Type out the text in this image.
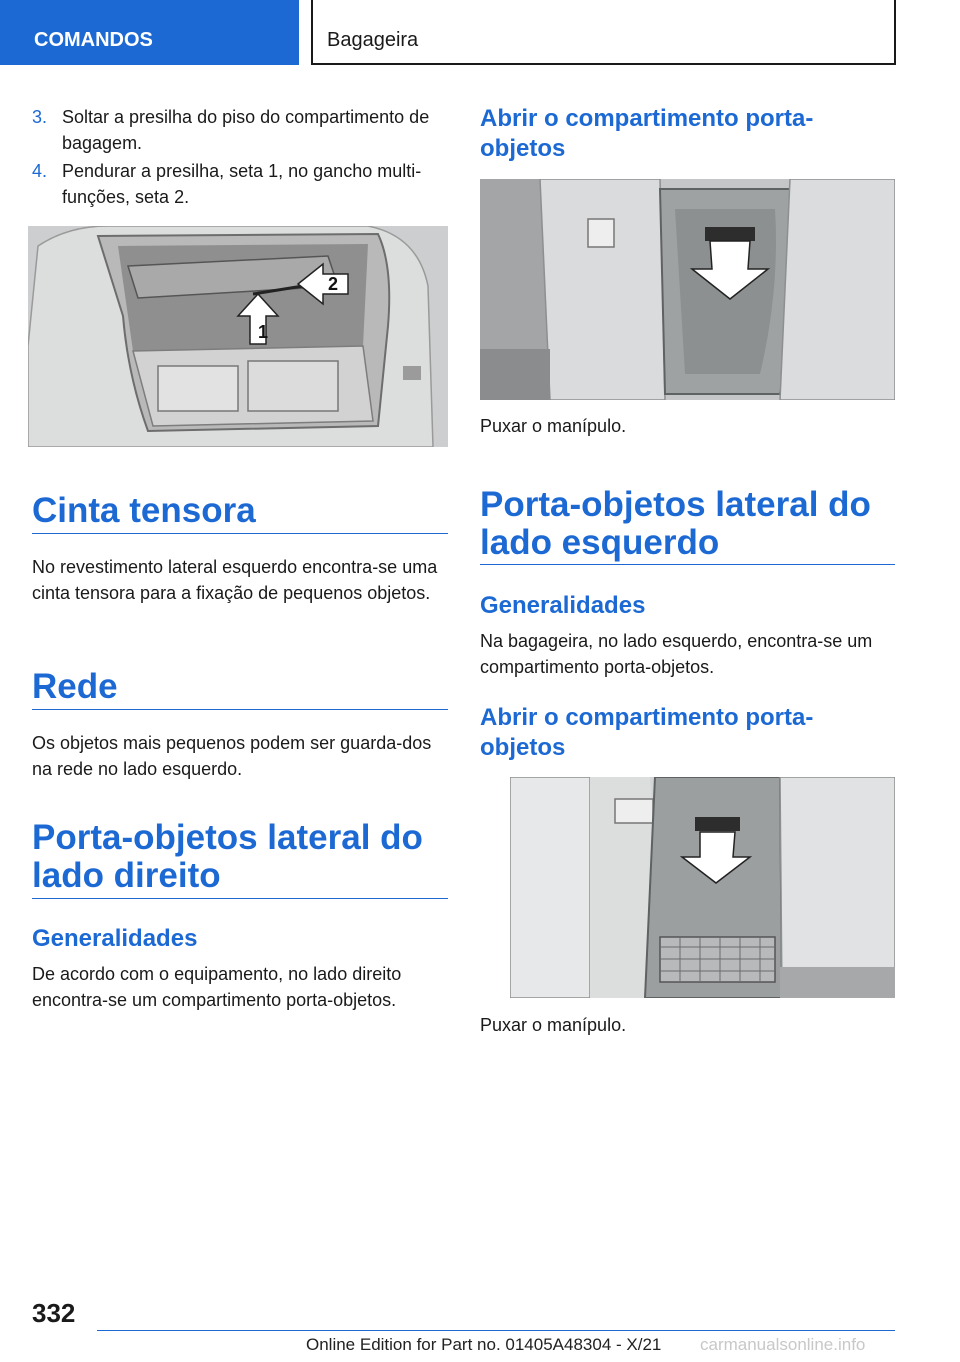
COMANDOS	Bagageira
3. Soltar a presilha do piso do compartimento de bagagem.
4. Pendurar a presilha, seta 1, no gancho multifunções, seta 2.
1
2
Cinta tensora
No revestimento lateral esquerdo encontra‐se uma cinta tensora para a fixação de pequenos objetos.
Rede
Os objetos mais pequenos podem ser guarda‐dos na rede no lado esquerdo.
Porta-objetos lateral do lado direito
Generalidades
De acordo com o equipamento, no lado direito encontra‐se um compartimento porta-objetos.
Abrir o compartimento porta-objetos
Puxar o manípulo.
Porta-objetos lateral do lado esquerdo
Generalidades
Na bagageira, no lado esquerdo, encontra-se um compartimento porta-objetos.
Abrir o compartimento porta-objetos
Puxar o manípulo.
332
Online Edition for Part no. 01405A48304 - X/21 carmanualsonline.info
